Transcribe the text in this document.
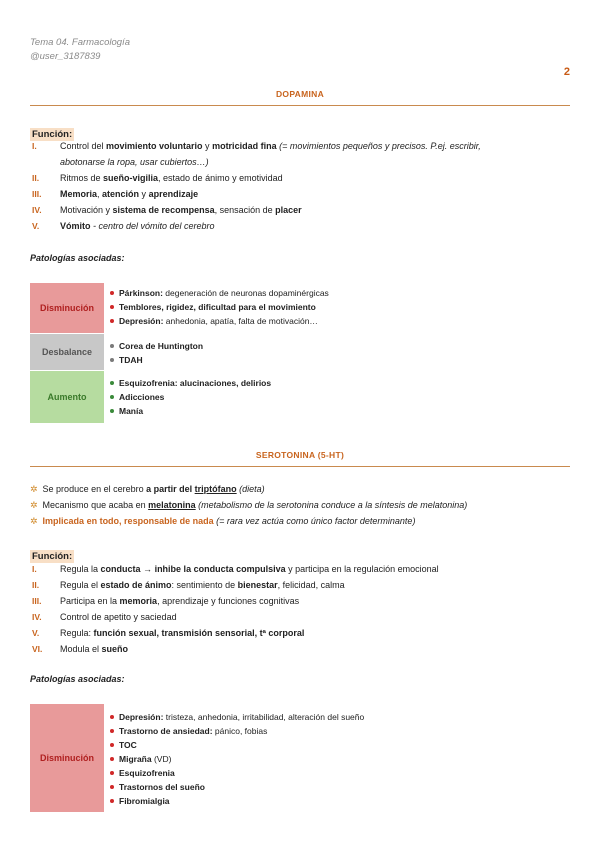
Tema 04. Farmacología
@user_3187839
2
DOPAMINA
Función:
I.	Control del movimiento voluntario y motricidad fina (= movimientos pequeños y precisos. P.ej. escribir,
abotonarse la ropa, usar cubiertos…)
II.	Ritmos de sueño-vigilia, estado de ánimo y emotividad
III.	Memoria, atención y aprendizaje
IV.	Motivación y sistema de recompensa, sensación de placer
V.	Vómito - centro del vómito del cerebro
Patologías asociadas:
Disminución
Párkinson: degeneración de neuronas dopaminérgicas
Temblores, rigidez, dificultad para el movimiento
Depresión: anhedonia, apatía, falta de motivación…
Desbalance
Corea de Huntington
TDAH
Aumento
Esquizofrenia: alucinaciones, delirios
Adicciones
Manía
SEROTONINA (5-HT)
✲ Se produce en el cerebro a partir del triptófano (dieta)
✲ Mecanismo que acaba en melatonina (metabolismo de la serotonina conduce a la síntesis de melatonina)
✲ Implicada en todo, responsable de nada (= rara vez actúa como único factor determinante)
Función:
I.	Regula la conducta → inhibe la conducta compulsiva y participa en la regulación emocional
II.	Regula el estado de ánimo: sentimiento de bienestar, felicidad, calma
III.	Participa en la memoria, aprendizaje y funciones cognitivas
IV.	Control de apetito y saciedad
V.	Regula: función sexual, transmisión sensorial, tª corporal
VI.	Modula el sueño
Patologías asociadas:
Disminución
Depresión: tristeza, anhedonia, irritabilidad, alteración del sueño
Trastorno de ansiedad: pánico, fobias
TOC
Migraña (VD)
Esquizofrenia
Trastornos del sueño
Fibromialgia
